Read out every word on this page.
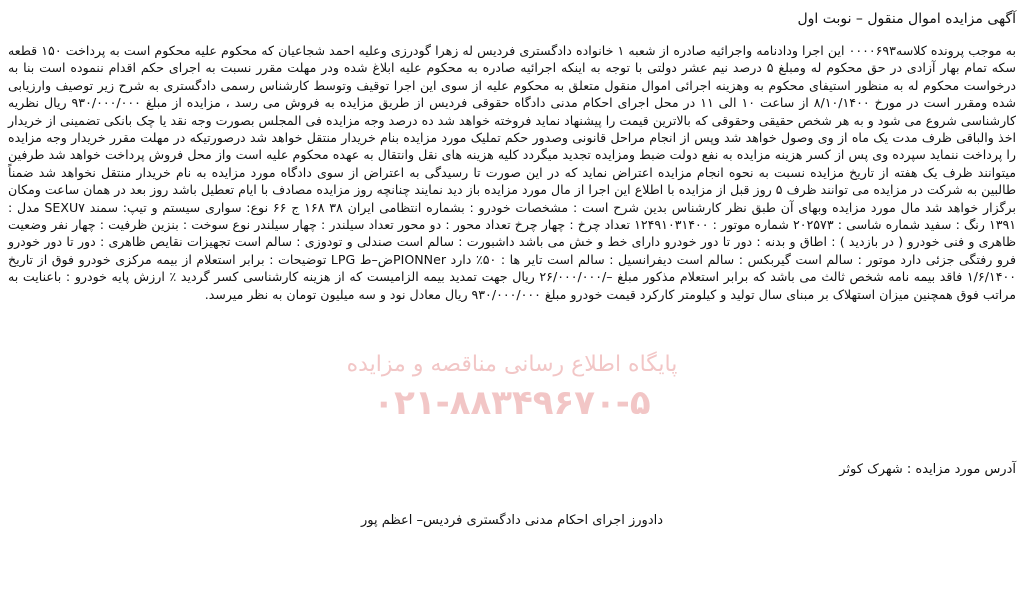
آگهی مزایده اموال منقول – نوبت اول

به موجب پرونده کلاسه۰۰۰۰۶۹۳ این اجرا ودادنامه واجرائیه صادره از شعبه ۱ خانواده دادگستری فردیس له زهرا گودرزی وعلیه احمد شجاعیان که محکوم علیه محکوم است به پرداخت ۱۵۰ قطعه سکه تمام بهار آزادی در حق محکوم له ومبلغ ۵ درصد نیم عشر دولتی با توجه به اینکه اجرائیه صادره به محکوم علیه ابلاغ شده ودر مهلت مقرر نسبت به اجرای حکم اقدام ننموده است بنا به درخواست محکوم له به منظور استیفای محکوم به وهزینه اجرائی اموال منقول متعلق به محکوم علیه از سوی این اجرا توقیف وتوسط کارشناس رسمی دادگستری به شرح زیر توصیف وارزیابی شده ومقرر است در مورخ ۸/۱۰/۱۴۰۰ از ساعت ۱۰ الی ۱۱ در محل اجرای احکام مدنی دادگاه حقوقی فردیس از طریق مزایده به فروش می رسد ، مزایده از مبلغ ۹۳۰/۰۰۰/۰۰۰ ریال نظریه کارشناسی شروع می شود و به هر شخص حقیقی وحقوقی که بالاترین قیمت را پیشنهاد نماید فروخته خواهد شد ده درصد وجه مزایده فی المجلس بصورت وجه نقد یا چک بانکی تضمینی از خریدار اخذ والباقی ظرف مدت یک ماه از وی وصول خواهد شد وپس از انجام مراحل قانونی وصدور حکم تملیک مورد مزایده بنام خریدار منتقل خواهد شد درصورتیکه در مهلت مقرر خریدار وجه مزایده را پرداخت ننماید سپرده وی پس از کسر هزینه مزایده به نفع دولت ضبط ومزایده تجدید میگردد کلیه هزینه های نقل وانتقال به عهده محکوم علیه است واز محل فروش پرداخت خواهد شد طرفین میتوانند ظرف یک هفته از تاریخ مزایده نسبت به نحوه انجام مزایده اعتراض نماید که در این صورت تا رسیدگی به اعتراض از سوی دادگاه مورد مزایده به نام خریدار منتقل نخواهد شد ضمناً طالبین به شرکت در مزایده می توانند ظرف ۵ روز قبل از مزایده با اطلاع این اجرا از مال مورد مزایده باز دید نمایند چنانچه روز مزایده مصادف با ایام تعطیل باشد روز بعد در همان ساعت ومکان برگزار خواهد شد مال مورد مزایده وبهای آن طبق نظر کارشناس بدین شرح است : مشخصات خودرو : بشماره انتظامی ایران ۳۸ ۱۶۸ ج ۶۶ نوع: سواری سیستم و تیپ: سمند SEXU۷ مدل : ۱۳۹۱ رنگ : سفید شماره شاسی : ۲۰۲۵۷۳ شماره موتور : ۱۲۴۹۱۰۳۱۴۰۰ تعداد چرخ : چهار چرخ تعداد محور : دو محور تعداد سیلندر : چهار سیلندر نوع سوخت : بنزین ظرفیت : چهار نفر وضعیت ظاهری و فنی خودرو ( در بازدید ) : اطاق و بدنه : دور تا دور خودرو دارای خط و خش می باشد داشبورت : سالم است صندلی و تودوزی : سالم است تجهیزات نقایص ظاهری : دور تا دور خودرو فرو رفتگی جزئی دارد موتور : سالم است گیربکس : سالم است دیفرانسیل : سالم است تایر ها : ۵۰٪ دارد PIONNerض–ط LPG توضیحات : برابر استعلام از بیمه مرکزی خودرو فوق از تاریخ ۱/۶/۱۴۰۰ فاقد بیمه نامه شخص ثالث می باشد که برابر استعلام مذکور مبلغ –/۲۶/۰۰۰/۰۰۰ ریال جهت تمدید بیمه الزامیست که از هزینه کارشناسی کسر گردید ٪ ارزش پایه خودرو : باعنایت به مراتب فوق همچنین میزان استهلاک بر مبنای سال تولید و کیلومتر کارکرد قیمت خودرو مبلغ ۹۳۰/۰۰۰/۰۰۰ ریال معادل نود و سه میلیون تومان به نظر میرسد.

پایگاه اطلاع رسانی مناقصه و مزایده
۰۲۱-۸۸۳۴۹۶۷۰-۵

آدرس مورد مزایده : شهرک کوثر

دادورز اجرای احکام مدنی دادگستری فردیس– اعظم پور
